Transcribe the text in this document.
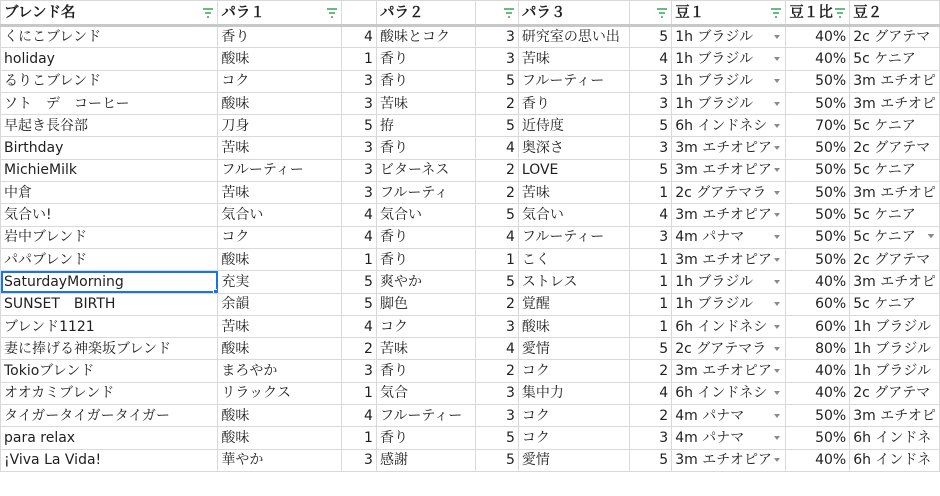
ブレンド名	パラ１		パラ２		パラ３		豆１	豆１比	豆２
くにこブレンド	香り	4	酸味とコク	3	研究室の思い出	5	1h ブラジル	40%	2c グアテマ
holiday	酸味	1	香り	3	苦味	4	1h ブラジル	40%	5c ケニア
るりこブレンド	コク	3	香り	5	フルーティー	3	1h ブラジル	50%	3m エチオピ
ソト　デ　コーヒー	酸味	3	苦味	2	香り	3	1h ブラジル	50%	3m エチオピ
早起き長谷部	刀身	5	拵	5	近侍度	5	6h インドネシ	70%	5c ケニア
Birthday	苦味	3	香り	4	奥深さ	3	3m エチオピア	50%	2c グアテマ
MichieMilk	フルーティー	3	ビターネス	2	LOVE	5	3m エチオピア	50%	5c ケニア
中倉	苦味	3	フルーティ	2	苦味	1	2c グアテマラ	50%	3m エチオピ
気合い!	気合い	4	気合い	5	気合い	4	3m エチオピア	50%	5c ケニア
岩中ブレンド	コク	4	香り	4	フルーティー	3	4m パナマ	50%	5c ケニア
パパブレンド	酸味	1	香り	1	こく	1	3m エチオピア	50%	2c グアテマ
SaturdayMorning	充実	5	爽やか	5	ストレス	1	1h ブラジル	40%	3m エチオピ
SUNSET　BIRTH	余韻	5	脚色	2	覚醒	1	1h ブラジル	60%	5c ケニア
ブレンド1121	苦味	4	コク	3	酸味	1	6h インドネシ	60%	1h ブラジル
妻に捧げる神楽坂ブレンド	酸味	2	苦味	4	愛情	5	2c グアテマラ	80%	1h ブラジル
Tokioブレンド	まろやか	3	香り	2	コク	2	3m エチオピア	40%	1h ブラジル
オオカミブレンド	リラックス	1	気合	3	集中力	4	6h インドネシ	40%	2c グアテマ
タイガータイガータイガー	酸味	4	フルーティー	3	コク	2	4m パナマ	50%	3m エチオピ
para relax	酸味	1	香り	5	コク	3	4m パナマ	50%	6h インドネ
¡Viva La Vida!	華やか	3	感謝	5	愛情	5	3m エチオピア	40%	6h インドネ
